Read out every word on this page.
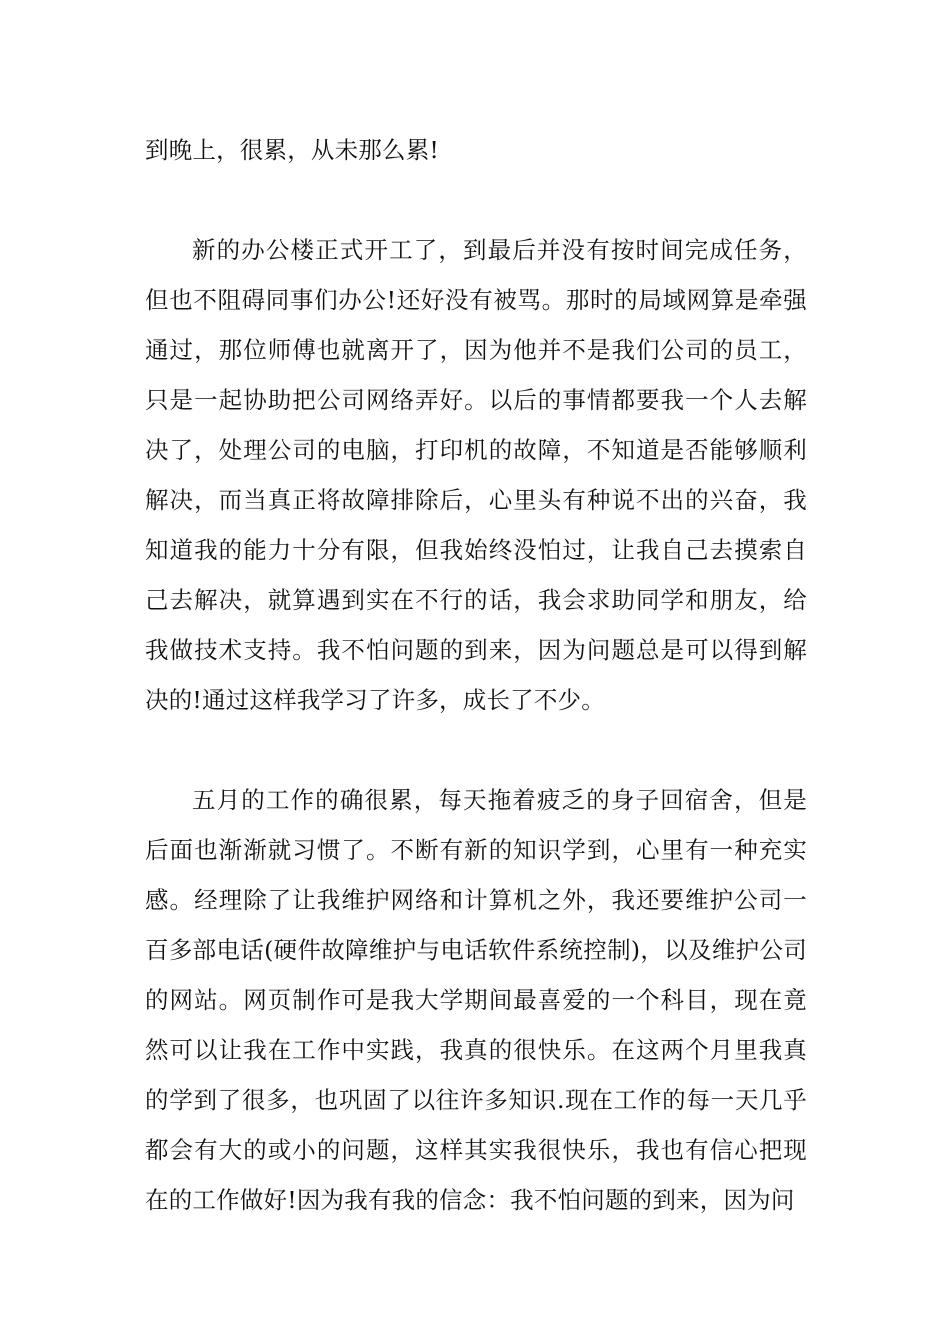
到晚上，很累，从未那么累!

新的办公楼正式开工了，到最后并没有按时间完成任务，但也不阻碍同事们办公!还好没有被骂。那时的局域网算是牵强通过，那位师傅也就离开了，因为他并不是我们公司的员工，只是一起协助把公司网络弄好。以后的事情都要我一个人去解决了，处理公司的电脑，打印机的故障，不知道是否能够顺利解决，而当真正将故障排除后，心里头有种说不出的兴奋，我知道我的能力十分有限，但我始终没怕过，让我自己去摸索自己去解决，就算遇到实在不行的话，我会求助同学和朋友，给我做技术支持。我不怕问题的到来，因为问题总是可以得到解决的!通过这样我学习了许多，成长了不少。

五月的工作的确很累，每天拖着疲乏的身子回宿舍，但是后面也渐渐就习惯了。不断有新的知识学到，心里有一种充实感。经理除了让我维护网络和计算机之外，我还要维护公司一百多部电话(硬件故障维护与电话软件系统控制)，以及维护公司的网站。网页制作可是我大学期间最喜爱的一个科目，现在竟然可以让我在工作中实践，我真的很快乐。在这两个月里我真的学到了很多，也巩固了以往许多知识.现在工作的每一天几乎都会有大的或小的问题，这样其实我很快乐，我也有信心把现在的工作做好!因为我有我的信念：我不怕问题的到来，因为问
